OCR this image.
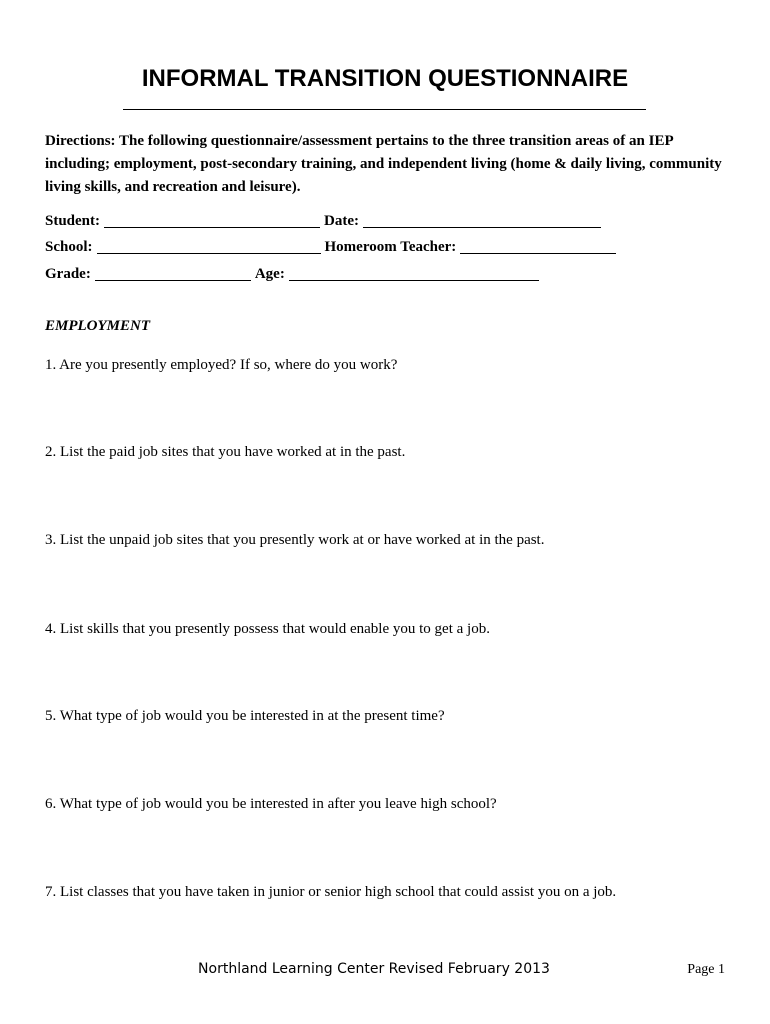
INFORMAL TRANSITION QUESTIONNAIRE

Directions: The following questionnaire/assessment pertains to the three transition areas of an IEP including; employment, post-secondary training, and independent living (home & daily living, community living skills, and recreation and leisure).

Student:	Date:
School:	Homeroom Teacher:
Grade:	Age:

EMPLOYMENT

1. Are you presently employed? If so, where do you work?

2. List the paid job sites that you have worked at in the past.

3. List the unpaid job sites that you presently work at or have worked at in the past.

4. List skills that you presently possess that would enable you to get a job.

5. What type of job would you be interested in at the present time?

6. What type of job would you be interested in after you leave high school?

7. List classes that you have taken in junior or senior high school that could assist you on a job.

Northland Learning Center Revised February 2013	Page 1
